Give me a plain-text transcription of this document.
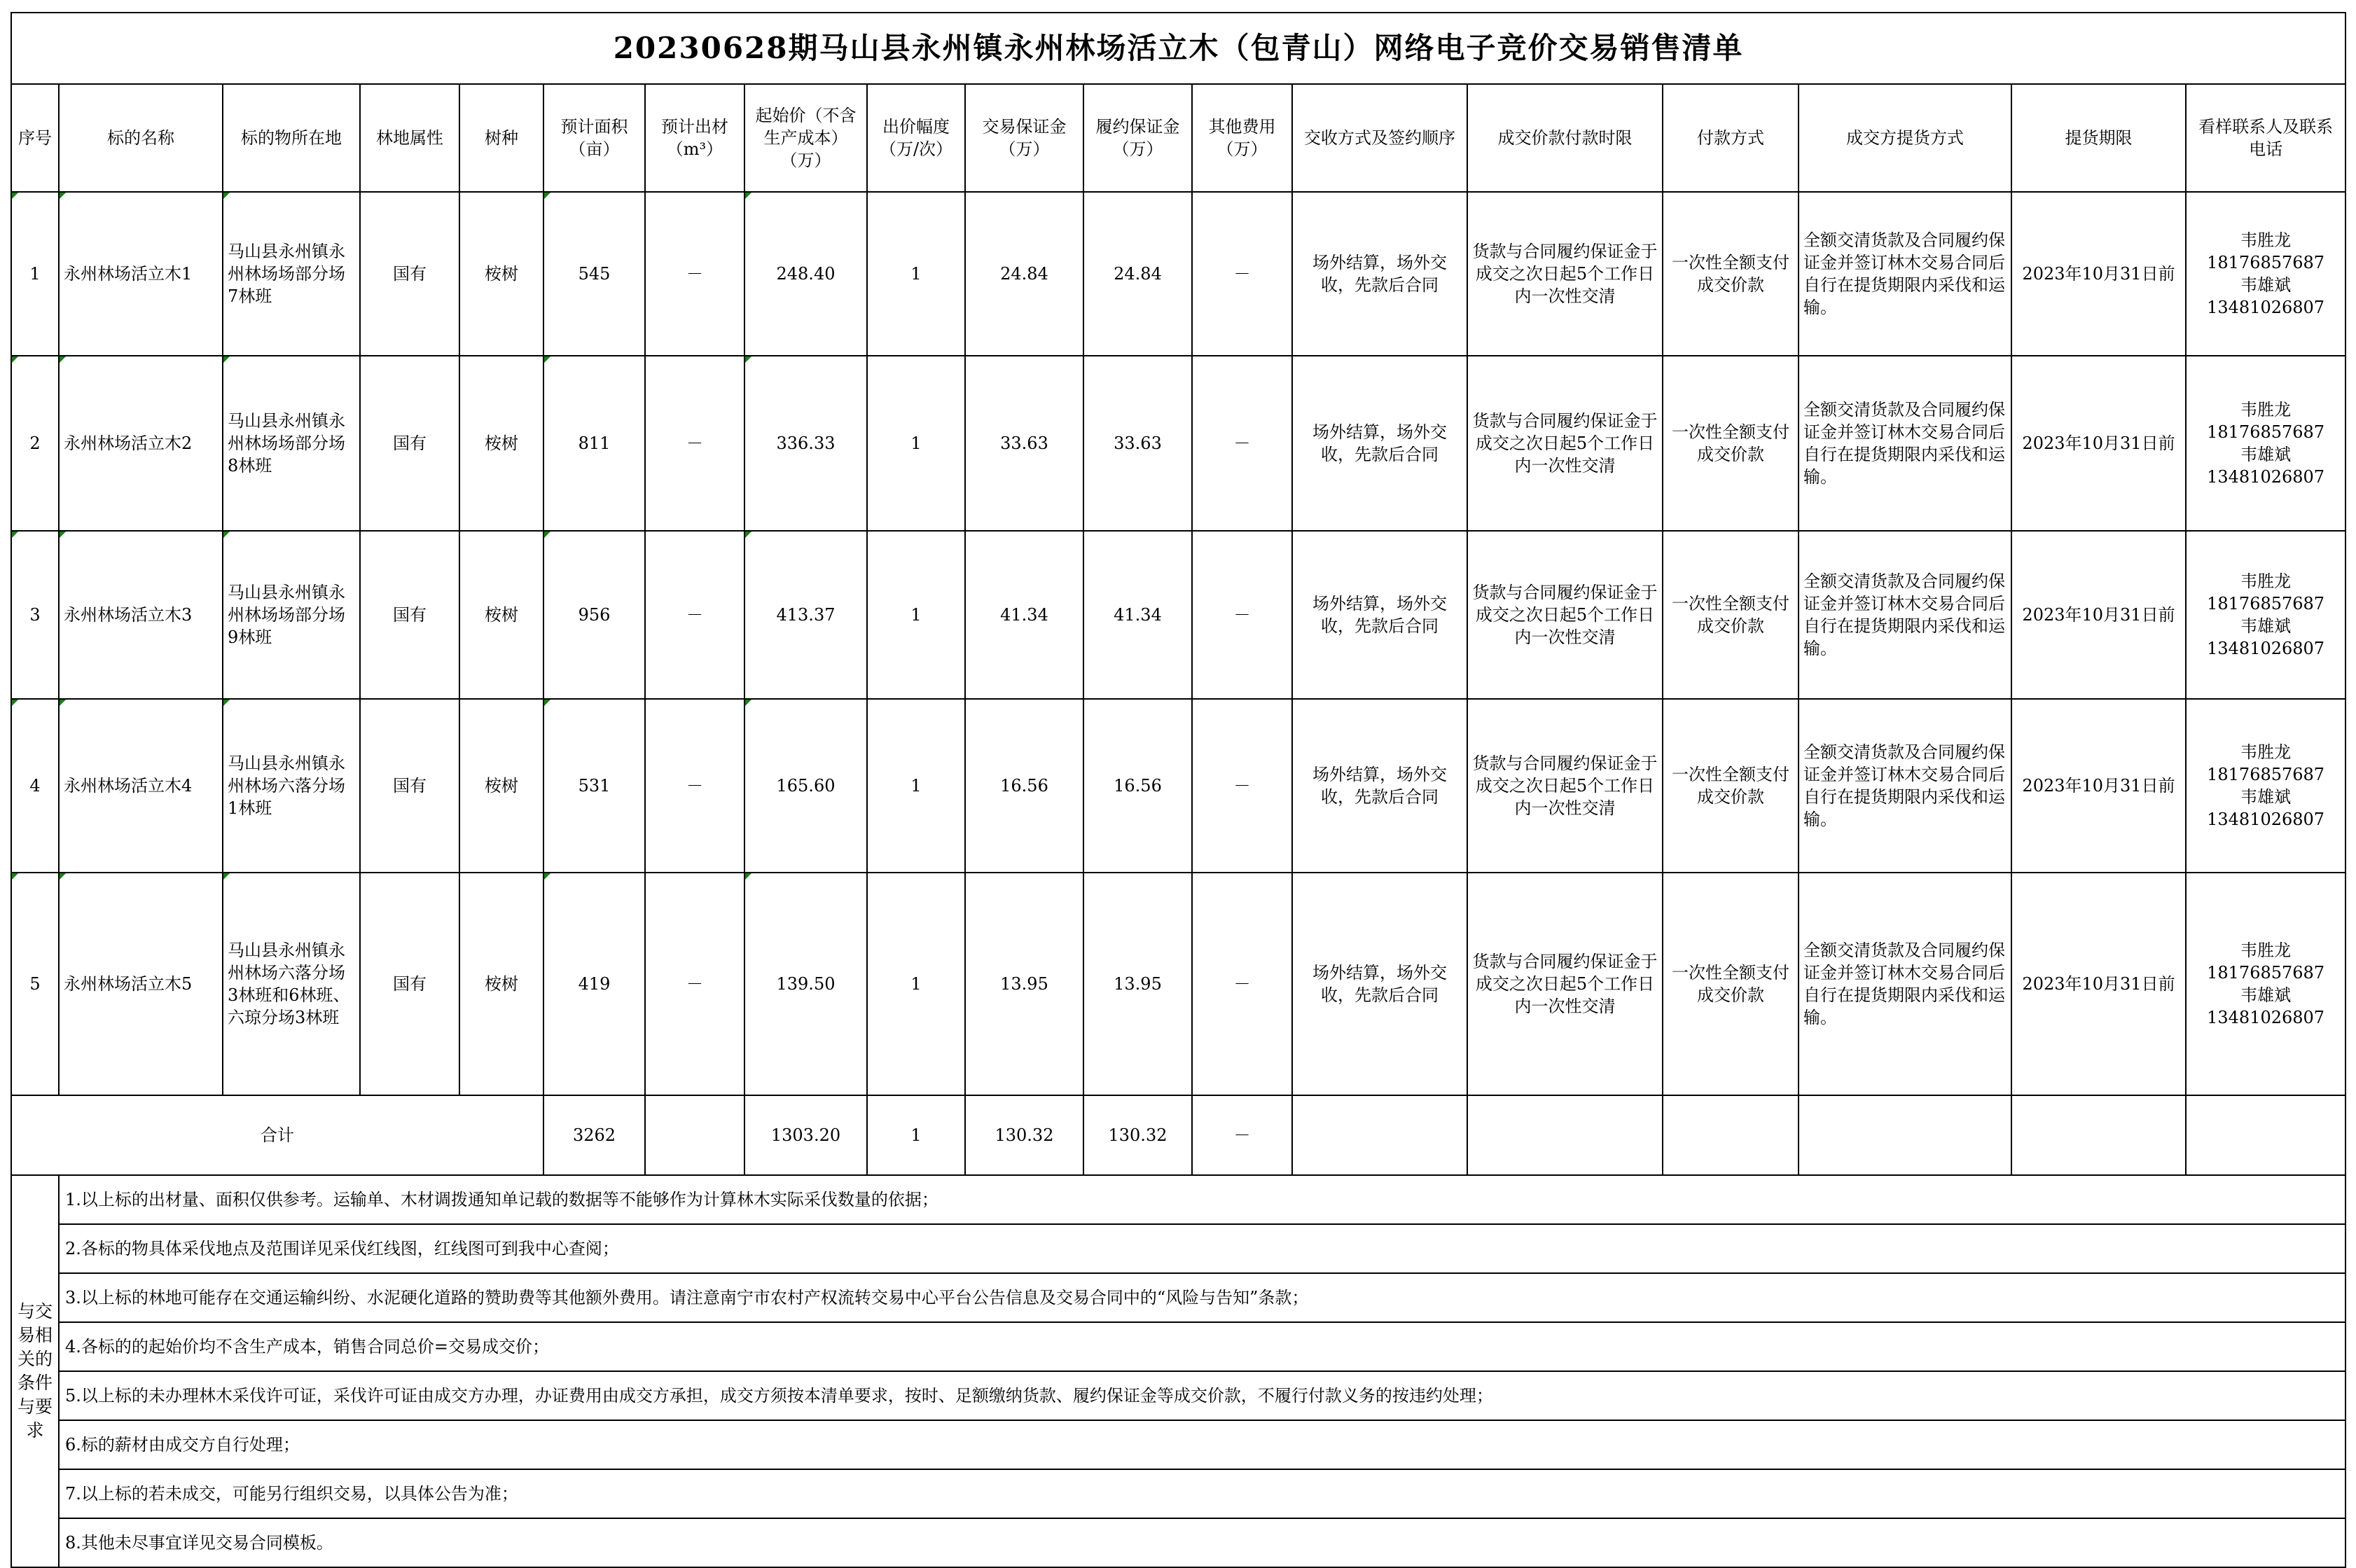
20230628期马山县永州镇永州林场活立木（包青山）网络电子竞价交易销售清单																	
序号	标的名称	标的物所在地	林地属性	树种	预计面积（亩）	预计出材（m³）	起始价（不含生产成本）（万）	出价幅度（万/次）	交易保证金（万）	履约保证金（万）	其他费用（万）	交收方式及签约顺序	成交价款付款时限	付款方式	成交方提货方式	提货期限	看样联系人及联系电话
1	永州林场活立木1	马山县永州镇永州林场场部分场7林班	国有	桉树	545	－	248.40	1	24.84	24.84	－	场外结算，场外交收，先款后合同	货款与合同履约保证金于成交之次日起5个工作日内一次性交清	一次性全额支付成交价款	全额交清货款及合同履约保证金并签订林木交易合同后自行在提货期限内采伐和运输。	2023年10月31日前	韦胜龙
18176857687
韦雄斌
13481026807

2	永州林场活立木2	马山县永州镇永州林场场部分场8林班	国有	桉树	811	－	336.33	1	33.63	33.63	－	场外结算，场外交收，先款后合同	货款与合同履约保证金于成交之次日起5个工作日内一次性交清	一次性全额支付成交价款	全额交清货款及合同履约保证金并签订林木交易合同后自行在提货期限内采伐和运输。	2023年10月31日前	韦胜龙
18176857687
韦雄斌
13481026807

3	永州林场活立木3	马山县永州镇永州林场场部分场9林班	国有	桉树	956	－	413.37	1	41.34	41.34	－	场外结算，场外交收，先款后合同	货款与合同履约保证金于成交之次日起5个工作日内一次性交清	一次性全额支付成交价款	全额交清货款及合同履约保证金并签订林木交易合同后自行在提货期限内采伐和运输。	2023年10月31日前	韦胜龙
18176857687
韦雄斌
13481026807

4	永州林场活立木4	马山县永州镇永州林场六落分场1林班	国有	桉树	531	－	165.60	1	16.56	16.56	－	场外结算，场外交收，先款后合同	货款与合同履约保证金于成交之次日起5个工作日内一次性交清	一次性全额支付成交价款	全额交清货款及合同履约保证金并签订林木交易合同后自行在提货期限内采伐和运输。	2023年10月31日前	韦胜龙
18176857687
韦雄斌
13481026807

5	永州林场活立木5	马山县永州镇永州林场六落分场3林班和6林班、六琼分场3林班	国有	桉树	419	－	139.50	1	13.95	13.95	－	场外结算，场外交收，先款后合同	货款与合同履约保证金于成交之次日起5个工作日内一次性交清	一次性全额支付成交价款	全额交清货款及合同履约保证金并签订林木交易合同后自行在提货期限内采伐和运输。	2023年10月31日前	韦胜龙
18176857687
韦雄斌
13481026807

合计					3262		1303.20	1	130.32	130.32	－						
与交易相关的条件与要求	1.以上标的出材量、面积仅供参考。运输单、木材调拨通知单记载的数据等不能够作为计算林木实际采伐数量的依据；																
	2.各标的物具体采伐地点及范围详见采伐红线图，红线图可到我中心查阅；																
	3.以上标的林地可能存在交通运输纠纷、水泥硬化道路的赞助费等其他额外费用。请注意南宁市农村产权流转交易中心平台公告信息及交易合同中的“风险与告知”条款；																
	4.各标的的起始价均不含生产成本，销售合同总价=交易成交价；																
	5.以上标的未办理林木采伐许可证，采伐许可证由成交方办理，办证费用由成交方承担，成交方须按本清单要求，按时、足额缴纳货款、履约保证金等成交价款，不履行付款义务的按违约处理；																
	6.标的薪材由成交方自行处理；																
	7.以上标的若未成交，可能另行组织交易，以具体公告为准；																
	8.其他未尽事宜详见交易合同模板。																
